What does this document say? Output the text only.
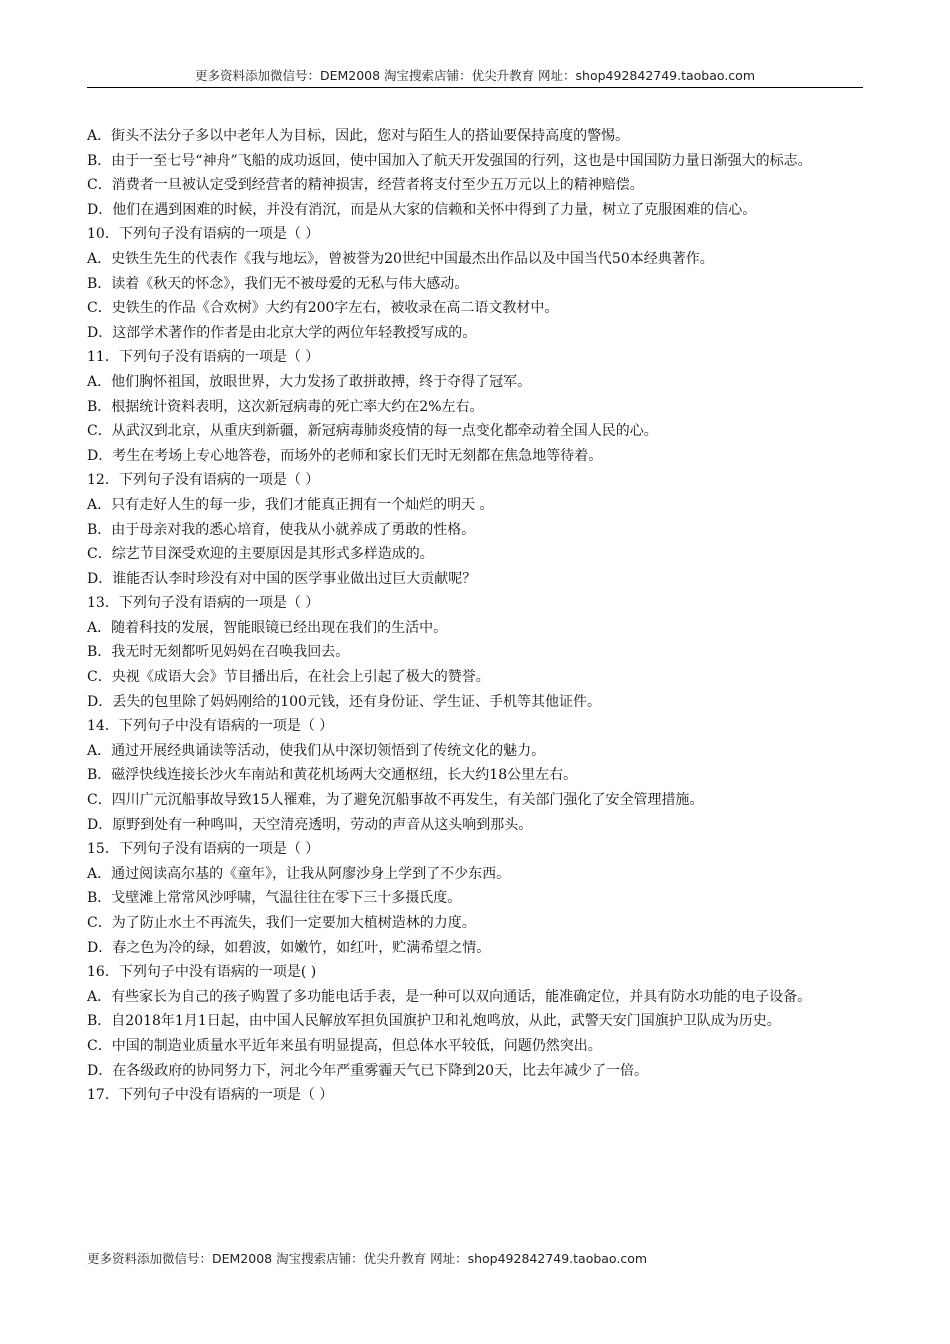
更多资料添加微信号：DEM2008 淘宝搜索店铺：优尖升教育 网址：shop492842749.taobao.com
A．街头不法分子多以中老年人为目标，因此，您对与陌生人的搭讪要保持高度的警惕。
B．由于一至七号“神舟”飞船的成功返回，使中国加入了航天开发强国的行列，这也是中国国防力量日渐强大的标志。
C．消费者一旦被认定受到经营者的精神损害，经营者将支付至少五万元以上的精神赔偿。
D．他们在遇到困难的时候，并没有消沉，而是从大家的信赖和关怀中得到了力量，树立了克服困难的信心。
10．下列句子没有语病的一项是（ ）
A．史铁生先生的代表作《我与地坛》，曾被誉为20世纪中国最杰出作品以及中国当代50本经典著作。
B．读着《秋天的怀念》，我们无不被母爱的无私与伟大感动。
C．史铁生的作品《合欢树》大约有200字左右，被收录在高二语文教材中。
D．这部学术著作的作者是由北京大学的两位年轻教授写成的。
11．下列句子没有语病的一项是（ ）
A．他们胸怀祖国，放眼世界，大力发扬了敢拼敢搏，终于夺得了冠军。
B．根据统计资料表明，这次新冠病毒的死亡率大约在2%左右。
C．从武汉到北京，从重庆到新疆，新冠病毒肺炎疫情的每一点变化都牵动着全国人民的心。
D．考生在考场上专心地答卷，而场外的老师和家长们无时无刻都在焦急地等待着。
12．下列句子没有语病的一项是（ ）
A．只有走好人生的每一步，我们才能真正拥有一个灿烂的明天 。
B．由于母亲对我的悉心培育，使我从小就养成了勇敢的性格。
C．综艺节目深受欢迎的主要原因是其形式多样造成的。
D．谁能否认李时珍没有对中国的医学事业做出过巨大贡献呢？
13．下列句子没有语病的一项是（ ）
A．随着科技的发展，智能眼镜已经出现在我们的生活中。
B．我无时无刻都听见妈妈在召唤我回去。
C．央视《成语大会》节目播出后，在社会上引起了极大的赞誉。
D．丢失的包里除了妈妈刚给的100元钱，还有身份证、学生证、手机等其他证件。
14．下列句子中没有语病的一项是（ ）
A．通过开展经典诵读等活动，使我们从中深切领悟到了传统文化的魅力。
B．磁浮快线连接长沙火车南站和黄花机场两大交通枢纽，长大约18公里左右。
C．四川广元沉船事故导致15人罹难，为了避免沉船事故不再发生，有关部门强化了安全管理措施。
D．原野到处有一种鸣叫，天空清亮透明，劳动的声音从这头响到那头。
15．下列句子没有语病的一项是（ ）
A．通过阅读高尔基的《童年》，让我从阿廖沙身上学到了不少东西。
B．戈壁滩上常常风沙呼啸，气温往往在零下三十多摄氏度。
C．为了防止水土不再流失，我们一定要加大植树造林的力度。
D．春之色为冷的绿，如碧波，如嫩竹，如红叶，贮满希望之情。
16．下列句子中没有语病的一项是( )
A．有些家长为自己的孩子购置了多功能电话手表，是一种可以双向通话，能准确定位，并具有防水功能的电子设备。
B．自2018年1月1日起，由中国人民解放军担负国旗护卫和礼炮鸣放，从此，武警天安门国旗护卫队成为历史。
C．中国的制造业质量水平近年来虽有明显提高，但总体水平较低，问题仍然突出。
D．在各级政府的协同努力下，河北今年严重雾霾天气已下降到20天，比去年减少了一倍。
17．下列句子中没有语病的一项是（ ）
更多资料添加微信号：DEM2008 淘宝搜索店铺：优尖升教育 网址：shop492842749.taobao.com
